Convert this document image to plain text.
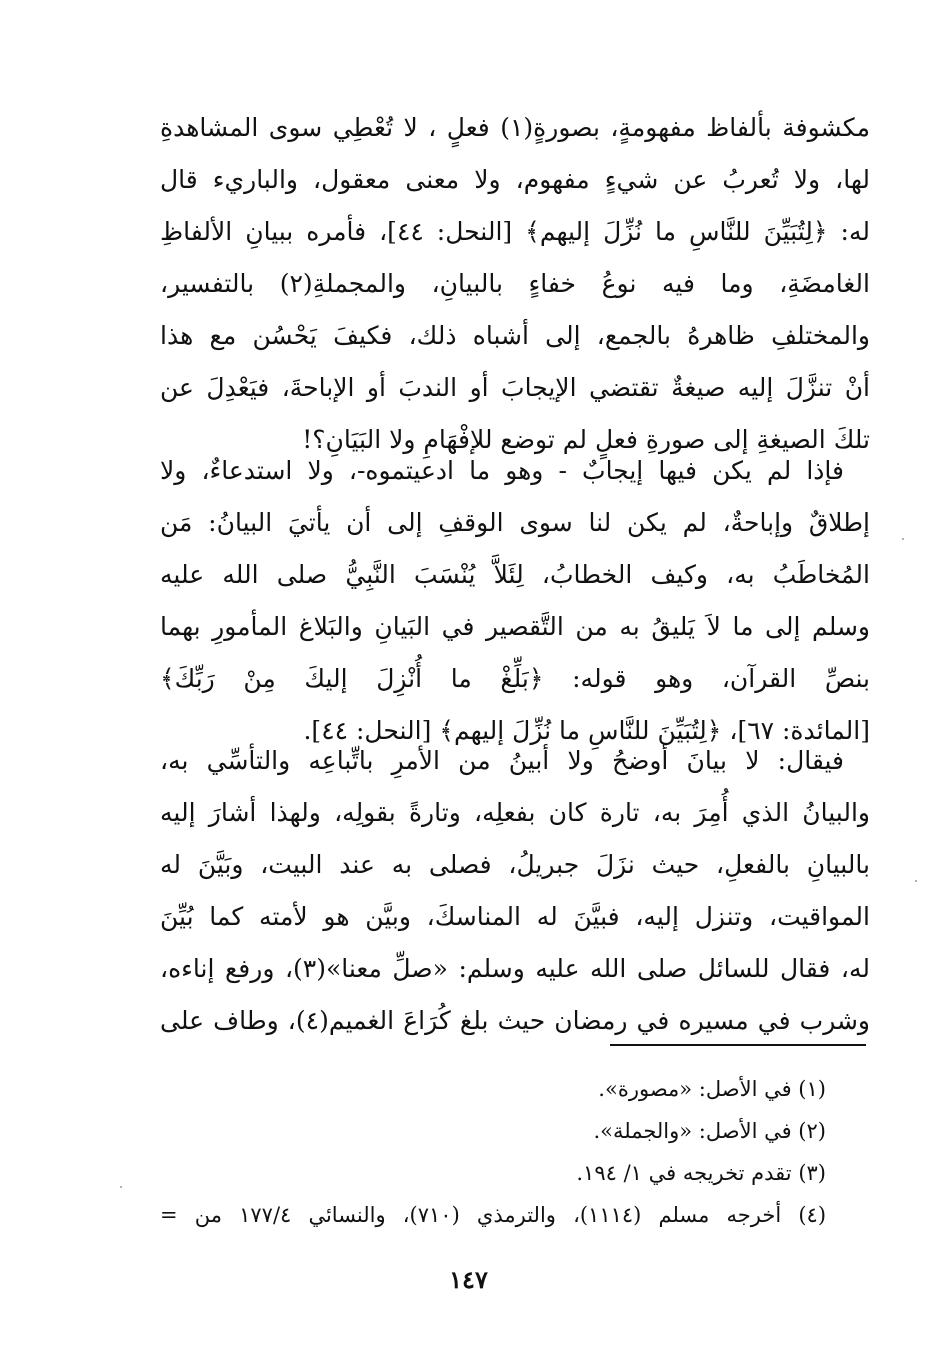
مكشوفة بألفاظ مفهومةٍ، بصورةٍ(١) فعلٍ ، لا تُعْطِي سوى المشاهدةِ
لها، ولا تُعربُ عن شيءٍ مفهوم، ولا معنى معقول، والباريء قال
له: ﴿لِتُبَيِّنَ للنَّاسِ ما نُزِّلَ إليهم﴾ [النحل: ٤٤]، فأمره ببيانِ الألفاظِ
الغامضَةِ، وما فيه نوعُ خفاءٍ بالبيانِ، والمجملةِ(٢) بالتفسير،
والمختلفِ ظاهرهُ بالجمع، إلى أشباه ذلك، فكيفَ يَحْسُن مع هذا
أنْ تنزَّلَ إليه صيغةٌ تقتضي الإيجابَ أو الندبَ أو الإباحةَ، فيَعْدِلَ عن
تلكَ الصيغةِ إلى صورةِ فعلٍ لم توضع للإفْهَامِ ولا البَيَانِ؟!
فإذا لم يكن فيها إيجابٌ - وهو ما ادعيتموه-، ولا استدعاءٌ، ولا
إطلاقٌ وإباحةٌ، لم يكن لنا سوى الوقفِ إلى أن يأتيَ البيانُ: مَن
المُخاطَبُ به، وكيف الخطابُ، لِئَلاَّ يُنْسَبَ النَّبِيُّ صلى الله عليه
وسلم إلى ما لاَ يَليقُ به من التَّقصير في البَيانِ والبَلاغ المأمورِ بهما
بنصِّ القرآن، وهو قوله: ﴿بَلِّغْ ما أُنْزِلَ إليكَ مِنْ رَبِّكَ﴾
[المائدة: ٦٧]، ﴿لِتُبَيِّنَ للنَّاسِ ما نُزِّلَ إليهم﴾ [النحل: ٤٤].
فيقال: لا بيانَ أوضحُ ولا أبينُ من الأمرِ باتِّباعِه والتأسِّي به،
والبيانُ الذي أُمِرَ به، تارة كان بفعلِه، وتارةً بقولِه، ولهذا أشارَ إليه
بالبيانِ بالفعلِ، حيث نزَلَ جبريلُ، فصلى به عند البيت، وبَيَّنَ له
المواقيت، وتنزل إليه، فبيَّنَ له المناسكَ، وبيَّن هو لأمته كما بُيِّنَ
له، فقال للسائل صلى الله عليه وسلم: «صلِّ معنا»(٣)، ورفع إناءه،
وشرب في مسيره في رمضان حيث بلغ كُرَاعَ الغميم(٤)، وطاف على
(١) في الأصل: «مصورة».
(٢) في الأصل: «والجملة».
(٣) تقدم تخريجه في ١/ ١٩٤.
(٤) أخرجه مسلم (١١١٤)، والترمذي (٧١٠)، والنسائي ١٧٧/٤ من =
١٤٧
